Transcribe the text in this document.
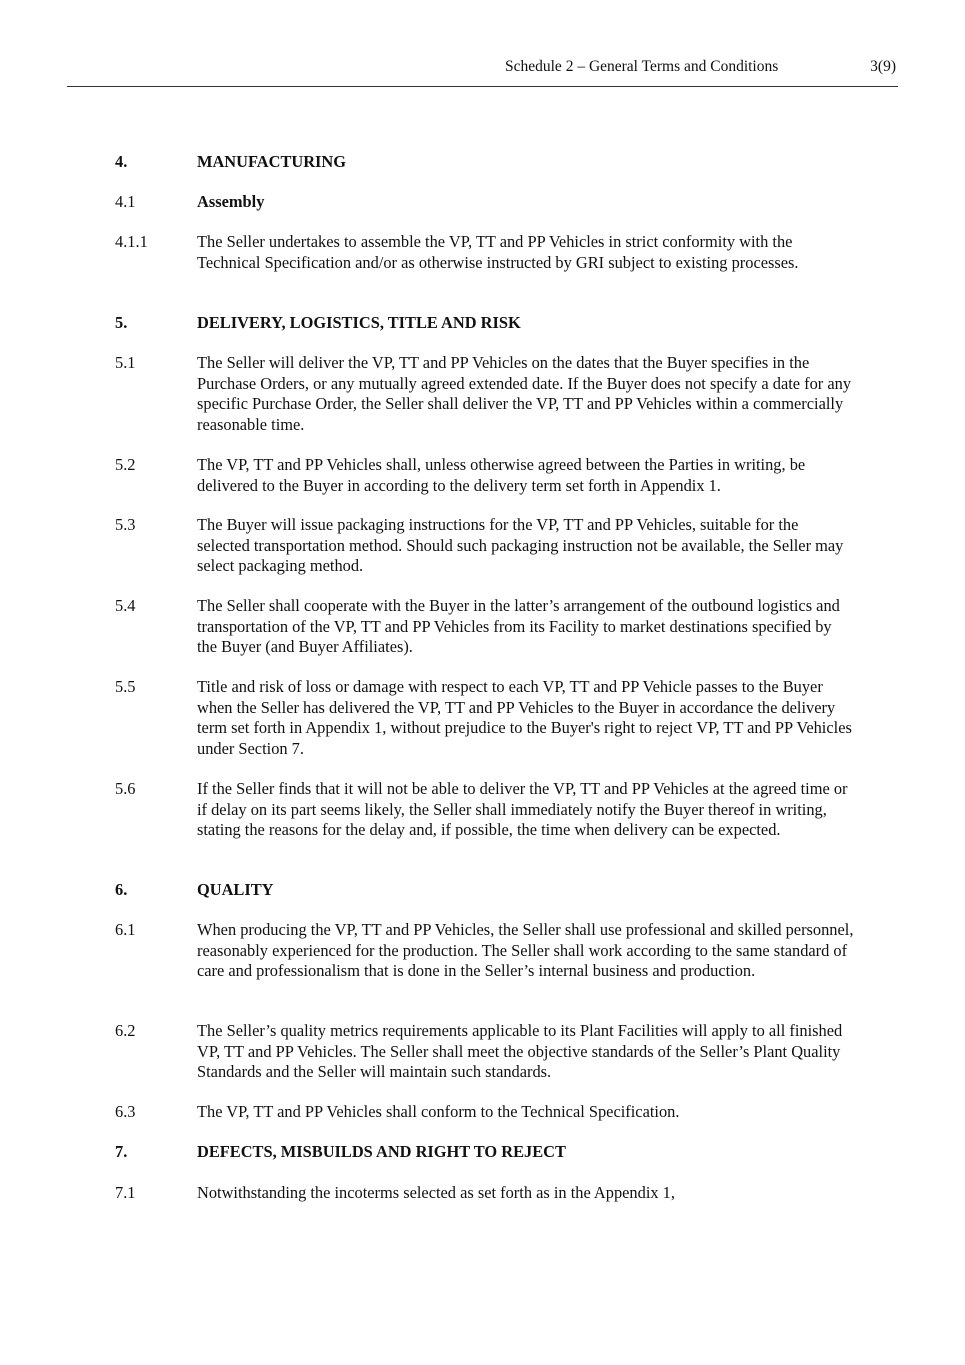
Schedule 2 – General Terms and Conditions	3(9)
4.	MANUFACTURING
4.1	Assembly
4.1.1	The Seller undertakes to assemble the VP, TT and PP Vehicles in strict conformity with the Technical Specification and/or as otherwise instructed by GRI subject to existing processes.
5.	DELIVERY, LOGISTICS, TITLE AND RISK
5.1	The Seller will deliver the VP, TT and PP Vehicles on the dates that the Buyer specifies in the Purchase Orders, or any mutually agreed extended date. If the Buyer does not specify a date for any specific Purchase Order, the Seller shall deliver the VP, TT and PP Vehicles within a commercially reasonable time.
5.2	The VP, TT and PP Vehicles shall, unless otherwise agreed between the Parties in writing, be delivered to the Buyer in according to the delivery term set forth in Appendix 1.
5.3	The Buyer will issue packaging instructions for the VP, TT and PP Vehicles, suitable for the selected transportation method. Should such packaging instruction not be available, the Seller may select packaging method.
5.4	The Seller shall cooperate with the Buyer in the latter’s arrangement of the outbound logistics and transportation of the VP, TT and PP Vehicles from its Facility to market destinations specified by the Buyer (and Buyer Affiliates).
5.5	Title and risk of loss or damage with respect to each VP, TT and PP Vehicle passes to the Buyer when the Seller has delivered the VP, TT and PP Vehicles to the Buyer in accordance the delivery term set forth in Appendix 1, without prejudice to the Buyer's right to reject VP, TT and PP Vehicles under Section 7.
5.6	If the Seller finds that it will not be able to deliver the VP, TT and PP Vehicles at the agreed time or if delay on its part seems likely, the Seller shall immediately notify the Buyer thereof in writing, stating the reasons for the delay and, if possible, the time when delivery can be expected.
6.	QUALITY
6.1	When producing the VP, TT and PP Vehicles, the Seller shall use professional and skilled personnel, reasonably experienced for the production. The Seller shall work according to the same standard of care and professionalism that is done in the Seller’s internal business and production.
6.2	The Seller’s quality metrics requirements applicable to its Plant Facilities will apply to all finished VP, TT and PP Vehicles. The Seller shall meet the objective standards of the Seller’s Plant Quality Standards and the Seller will maintain such standards.
6.3	The VP, TT and PP Vehicles shall conform to the Technical Specification.
7.	DEFECTS, MISBUILDS AND RIGHT TO REJECT
7.1	Notwithstanding the incoterms selected as set forth as in the Appendix 1,
